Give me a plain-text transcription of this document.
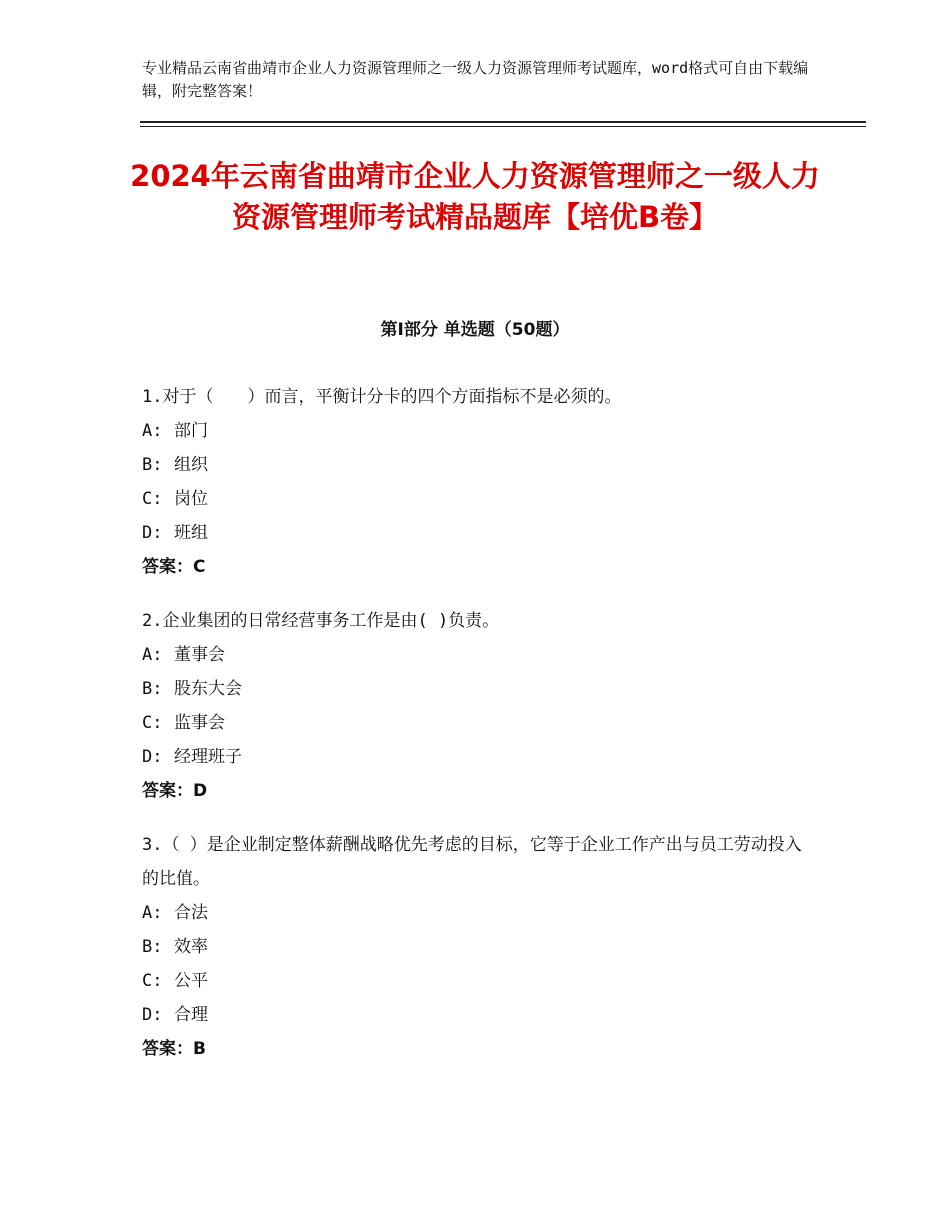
专业精品云南省曲靖市企业人力资源管理师之一级人力资源管理师考试题库，word格式可自由下载编辑，附完整答案！
2024年云南省曲靖市企业人力资源管理师之一级人力资源管理师考试精品题库【培优B卷】
第Ⅰ部分 单选题（50题）
1.对于（　　）而言，平衡计分卡的四个方面指标不是必须的。
A: 部门
B: 组织
C: 岗位
D: 班组
答案：C
2.企业集团的日常经营事务工作是由( )负责。
A: 董事会
B: 股东大会
C: 监事会
D: 经理班子
答案：D
3.（ ）是企业制定整体薪酬战略优先考虑的目标，它等于企业工作产出与员工劳动投入的比值。
A: 合法
B: 效率
C: 公平
D: 合理
答案：B
